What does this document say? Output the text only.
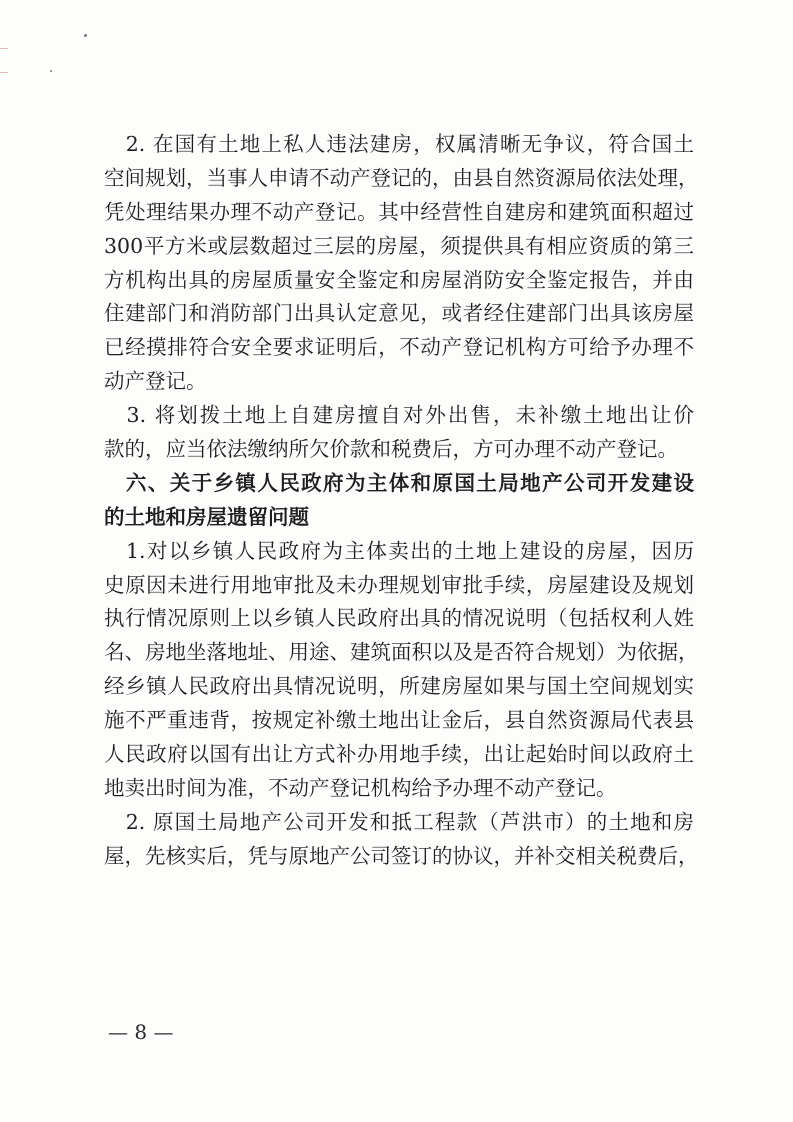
　2. 在国有土地上私人违法建房，权属清晰无争议，符合国土
空间规划，当事人申请不动产登记的，由县自然资源局依法处理，
凭处理结果办理不动产登记。其中经营性自建房和建筑面积超过
300平方米或层数超过三层的房屋，须提供具有相应资质的第三
方机构出具的房屋质量安全鉴定和房屋消防安全鉴定报告，并由
住建部门和消防部门出具认定意见，或者经住建部门出具该房屋
已经摸排符合安全要求证明后，不动产登记机构方可给予办理不
动产登记。
　3. 将划拨土地上自建房擅自对外出售，未补缴土地出让价
款的，应当依法缴纳所欠价款和税费后，方可办理不动产登记。
　六、关于乡镇人民政府为主体和原国土局地产公司开发建设
的土地和房屋遗留问题
　1.对以乡镇人民政府为主体卖出的土地上建设的房屋，因历
史原因未进行用地审批及未办理规划审批手续，房屋建设及规划
执行情况原则上以乡镇人民政府出具的情况说明（包括权利人姓
名、房地坐落地址、用途、建筑面积以及是否符合规划）为依据，
经乡镇人民政府出具情况说明，所建房屋如果与国土空间规划实
施不严重违背，按规定补缴土地出让金后，县自然资源局代表县
人民政府以国有出让方式补办用地手续，出让起始时间以政府土
地卖出时间为准，不动产登记机构给予办理不动产登记。
　2. 原国土局地产公司开发和抵工程款（芦洪市）的土地和房
屋，先核实后，凭与原地产公司签订的协议，并补交相关税费后，
— 8 —
